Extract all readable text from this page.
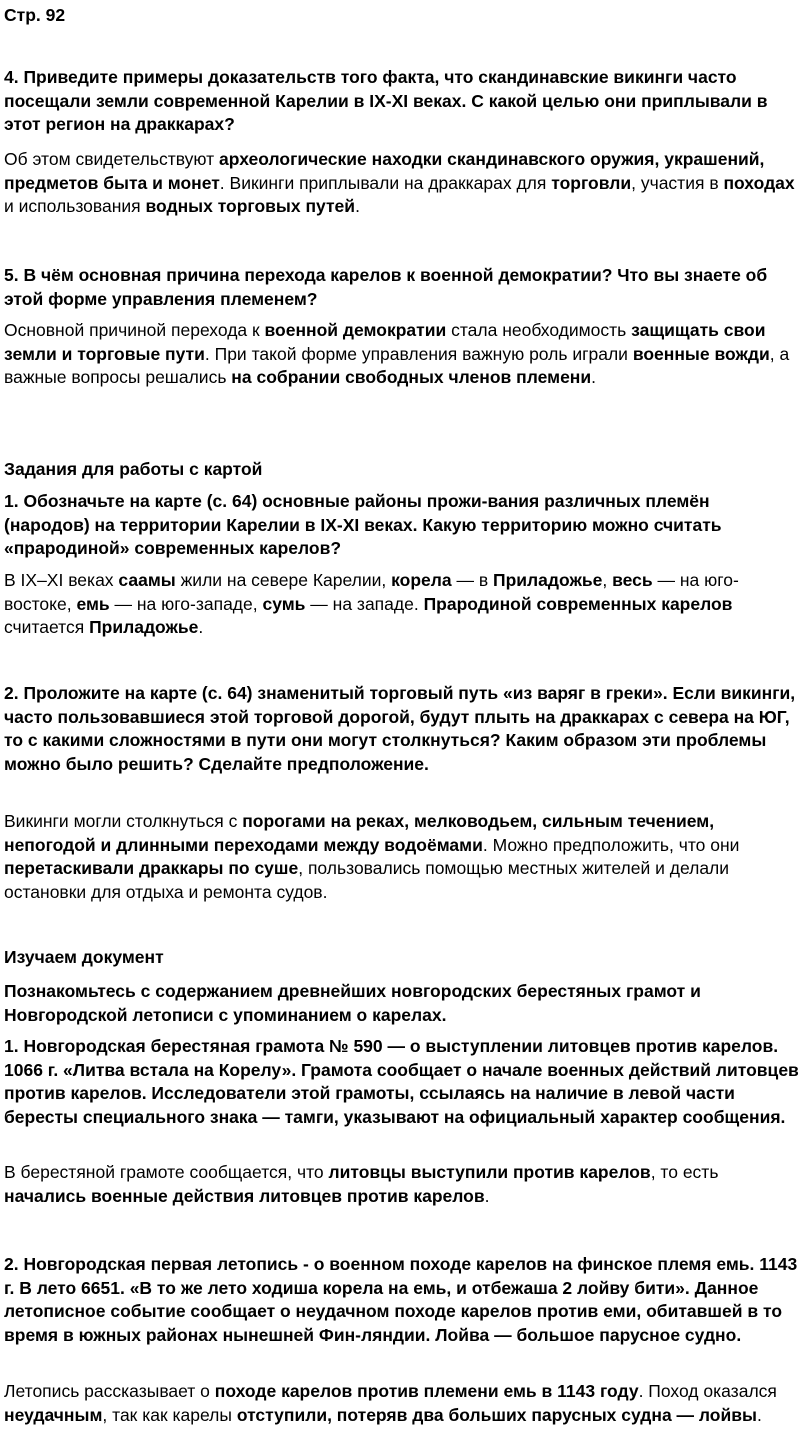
Стр. 92
4. Приведите примеры доказательств того факта, что скандинавские викинги часто посещали земли современной Карелии в IX-XI веках. С какой целью они приплывали в этот регион на драккарах?
Об этом свидетельствуют археологические находки скандинавского оружия, украшений, предметов быта и монет. Викинги приплывали на драккарах для торговли, участия в походах и использования водных торговых путей.
5. В чём основная причина перехода карелов к военной демократии? Что вы знаете об этой форме управления племенем?
Основной причиной перехода к военной демократии стала необходимость защищать свои земли и торговые пути. При такой форме управления важную роль играли военные вожди, а важные вопросы решались на собрании свободных членов племени.
Задания для работы с картой
1. Обозначьте на карте (с. 64) основные районы прожи-вания различных племён (народов) на территории Карелии в IX-XI веках. Какую территорию можно считать «прародиной» современных карелов?
В IX–XI веках саамы жили на севере Карелии, корела — в Приладожье, весь — на юго-востоке, емь — на юго-западе, сумь — на западе. Прародиной современных карелов считается Приладожье.
2. Проложите на карте (с. 64) знаменитый торговый путь «из варяг в греки». Если викинги, часто пользовавшиеся этой торговой дорогой, будут плыть на драккарах с севера на ЮГ, то с какими сложностями в пути они могут столкнуться? Каким образом эти проблемы можно было решить? Сделайте предположение.
Викинги могли столкнуться с порогами на реках, мелководьем, сильным течением, непогодой и длинными переходами между водоёмами. Можно предположить, что они перетаскивали драккары по суше, пользовались помощью местных жителей и делали остановки для отдыха и ремонта судов.
Изучаем документ
Познакомьтесь с содержанием древнейших новгородских берестяных грамот и Новгородской летописи с упоминанием о карелах.
1. Новгородская берестяная грамота № 590 — о выступлении литовцев против карелов. 1066 г. «Литва встала на Корелу». Грамота сообщает о начале военных действий литовцев против карелов. Исследователи этой грамоты, ссылаясь на наличие в левой части бересты специального знака — тамги, указывают на официальный характер сообщения.
В берестяной грамоте сообщается, что литовцы выступили против карелов, то есть начались военные действия литовцев против карелов.
2. Новгородская первая летопись - о военном походе карелов на финское племя емь. 1143 г. В лето 6651. «В то же лето ходиша корела на емь, и отбежаша 2 лойву бити». Данное летописное событие сообщает о неудачном походе карелов против еми, обитавшей в то время в южных районах нынешней Фин-ляндии. Лойва — большое парусное судно.
Летопись рассказывает о походе карелов против племени емь в 1143 году. Поход оказался неудачным, так как карелы отступили, потеряв два больших парусных судна — лойвы.
